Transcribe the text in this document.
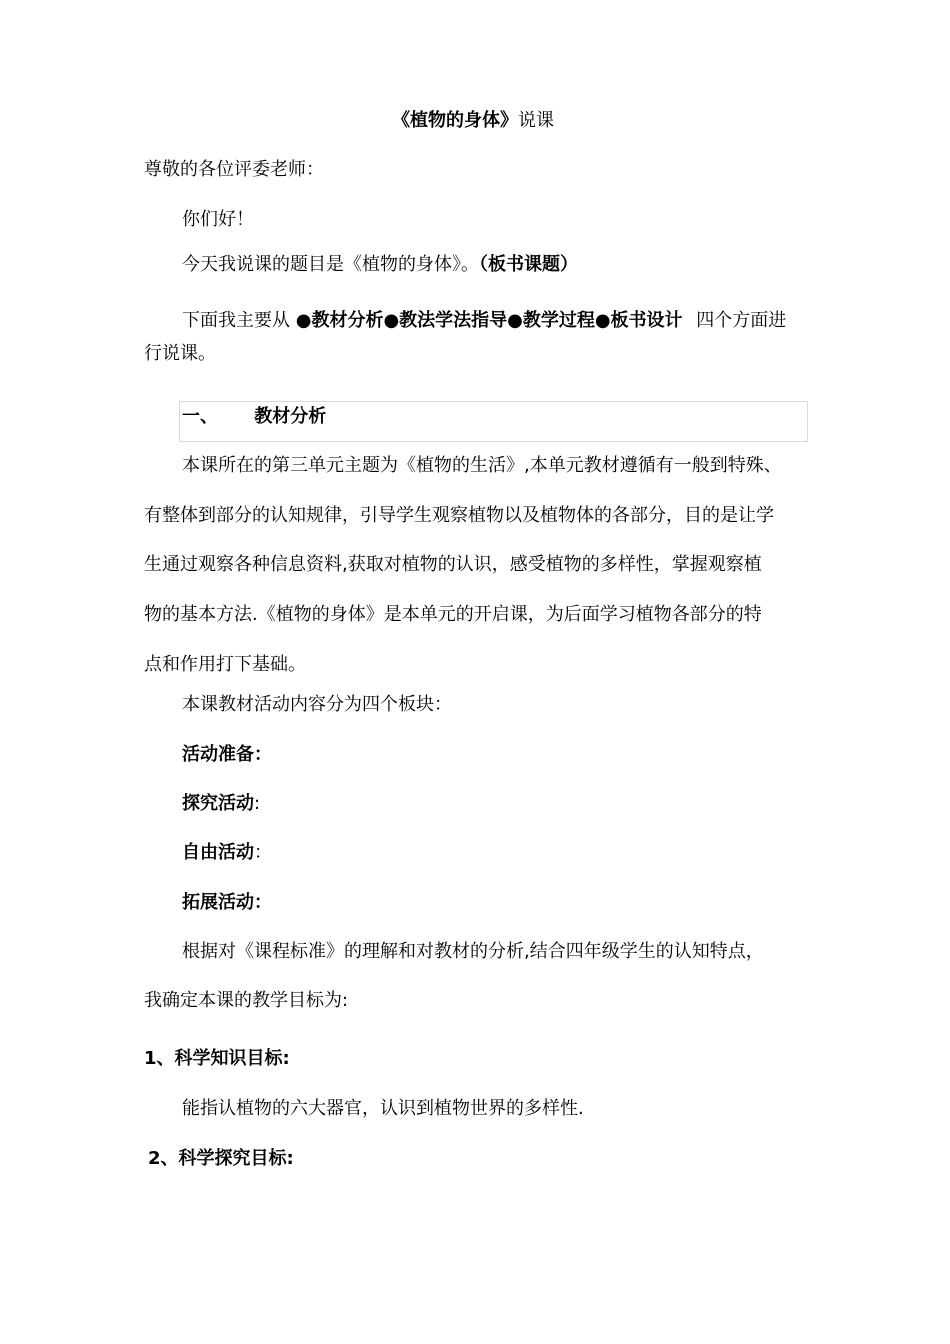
《植物的身体》说课
尊敬的各位评委老师：
你们好！
今天我说课的题目是《植物的身体》。（板书课题）
下面我主要从 ●教材分析●教法学法指导●教学过程●板书设计 四个方面进
行说课。
一、 教材分析
本课所在的第三单元主题为《植物的生活》,本单元教材遵循有一般到特殊、
有整体到部分的认知规律，引导学生观察植物以及植物体的各部分，目的是让学
生通过观察各种信息资料,获取对植物的认识，感受植物的多样性，掌握观察植
物的基本方法.《植物的身体》是本单元的开启课，为后面学习植物各部分的特
点和作用打下基础。
本课教材活动内容分为四个板块：
活动准备：
探究活动:
自由活动：
拓展活动：
根据对《课程标准》的理解和对教材的分析,结合四年级学生的认知特点，
我确定本课的教学目标为:
1、科学知识目标:
能指认植物的六大器官，认识到植物世界的多样性.
2、科学探究目标:
